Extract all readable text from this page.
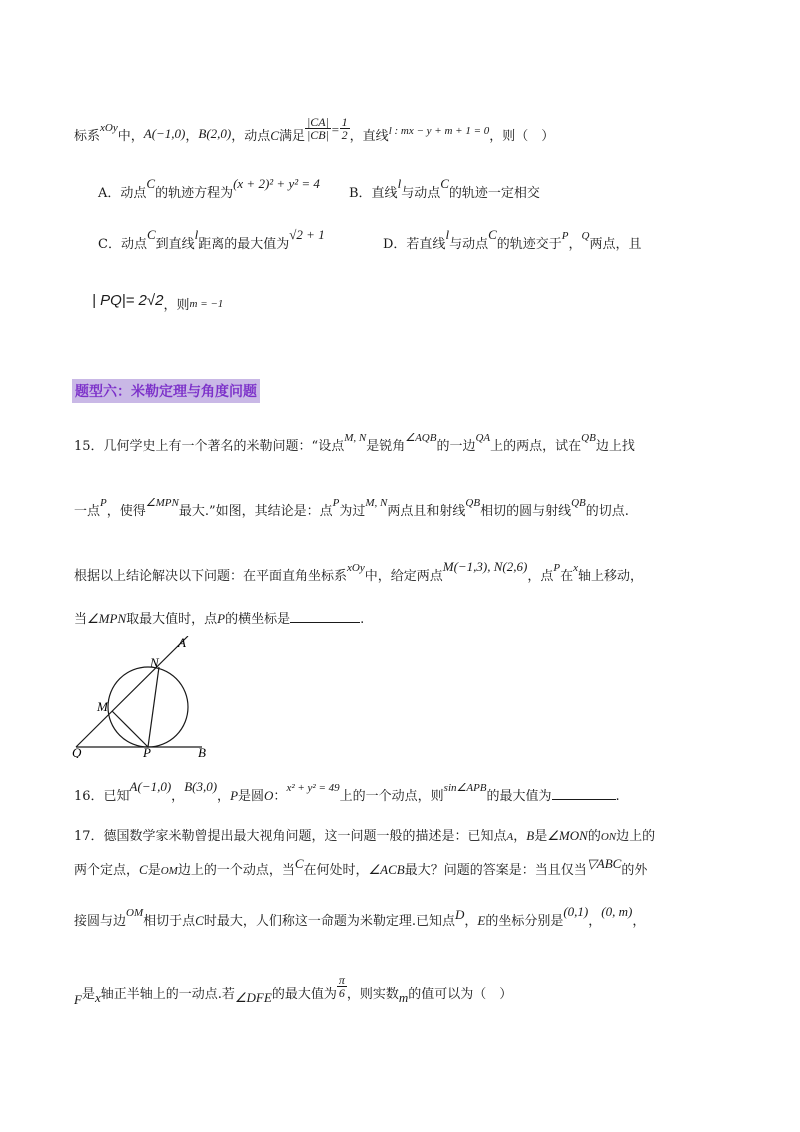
标系$^{xOy}$中，A(−1,0)，B(2,0)，动点C满足 $\frac{|CA|}{|CB|} = \frac{1}{2}$ ，直线$^{l : mx - y + m + 1 = 0}$，则（　）
A．动点C的轨迹方程为(x + 2)² + y² = 4
B．直线l与动点C的轨迹一定相交
C．动点C到直线l距离的最大值为√2 + 1
D．若直线l与动点C的轨迹交于$^P$，$^Q$两点，且
| PQ|= 2√2，则m = −1
题型六：米勒定理与角度问题
15．几何学史上有一个著名的米勒问题：“设点$^{M, N}$是锐角$^{\angle AQB}$的一边$^{QA}$上的两点，试在$^{QB}$边上找
一点$^P$，使得$^{\angle MPN}$最大.”如图，其结论是：点$^P$为过$^{M, N}$两点且和射线$^{QB}$相切的圆与射线$^{QB}$的切点.
根据以上结论解决以下问题：在平面直角坐标系$^{xOy}$中，给定两点M(−1,3), N(2,6)，点$^P$在$^x$轴上移动，
当∠MPN取最大值时，点P的横坐标是	.
A
N
M
Q	P	B
16．已知A(−1,0)，B(3,0)，P是圆O：$^{x^2 + y^2 = 49}$上的一个动点，则$^{sin\angle APB}$的最大值为	.
17．德国数学家米勒曾提出最大视角问题，这一问题一般的描述是：已知点A，B是∠MON的ON边上的
两个定点，C是OM边上的一个动点，当C在何处时，∠ACB最大？问题的答案是：当且仅当▽ABC的外
接圆与边$^{OM}$相切于点C时最大，人们称这一命题为米勒定理.已知点D，E的坐标分别是(0,1)，(0, m)，
F是x轴正半轴上的一动点.若∠DFE的最大值为 $\frac{\pi}{6}$ ，则实数m的值可以为（　）
